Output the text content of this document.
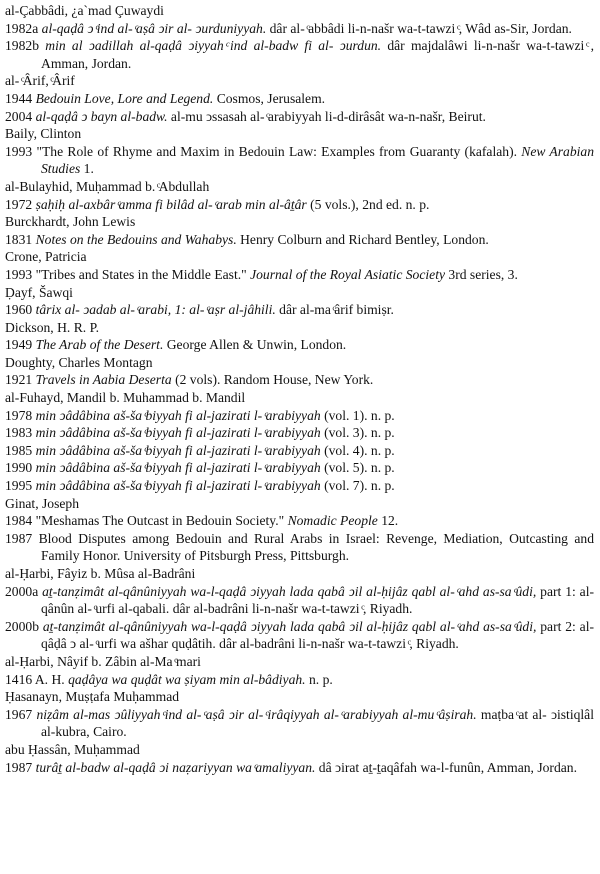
al-Çabbâdi, ¿a`mad Çuwaydi

1982a al-qaḍâ ͻ ͨind al- ͨaṣâ ͻir al- ͻurduniyyah. dâr al- ͨabbâdi li-n-našr wa-t-tawzi ͨ, Wâd as-Sir, Jordan.

1982b min al ͻadillah al-qaḍâ ͻiyyah ͨind al-badw fi al- ͻurdun. dâr majdalâwi li-n-našr wa-t-tawzi ͨ, Amman, Jordan.

al- ͨÂrif, ͨÂrif

1944 Bedouin Love, Lore and Legend. Cosmos, Jerusalem.

2004 al-qaḍâ ͻ bayn al-badw. al-mu ͻssasah al- ͨarabiyyah li-d-dirâsât wa-n-našr, Beirut.

Baily, Clinton

1993 "The Role of Rhyme and Maxim in Bedouin Law: Examples from Guaranty (kafalah). New Arabian Studies 1.

al-Bulayhid, Muḥammad b. ͨAbdullah

1972 ṣaḥiḥ al-axbâr ͨamma fi bilâd al- ͨarab min al-âṯâr (5 vols.), 2nd ed. n. p.

Burckhardt, John Lewis

1831 Notes on the Bedouins and Wahabys. Henry Colburn and Richard Bentley, London.

Crone, Patricia

1993 "Tribes and States in the Middle East." Journal of the Royal Asiatic Society 3rd series, 3.

Ḍayf, Šawqi

1960 târix al- ͻadab al- ͨarabi, 1: al- ͨaṣr al-jâhili. dâr al-ma ͨârif bimiṣr.

Dickson, H. R. P.

1949 The Arab of the Desert. George Allen & Unwin, London.

Doughty, Charles Montagn

1921 Travels in Aabia Deserta (2 vols). Random House, New York.

al-Fuhayd, Mandil b. Muhammad b. Mandil

1978 min ͻâdâbina aš-ša ͨbiyyah fi al-jazirati l- ͨarabiyyah (vol. 1). n. p.

1983 min ͻâdâbina aš-ša ͨbiyyah fi al-jazirati l- ͨarabiyyah (vol. 3). n. p.

1985 min ͻâdâbina aš-ša ͨbiyyah fi al-jazirati l- ͨarabiyyah (vol. 4). n. p.

1990 min ͻâdâbina aš-ša ͨbiyyah fi al-jazirati l- ͨarabiyyah (vol. 5). n. p.

1995 min ͻâdâbina aš-ša ͨbiyyah fi al-jazirati l- ͨarabiyyah (vol. 7). n. p.

Ginat, Joseph

1984 "Meshamas The Outcast in Bedouin Society." Nomadic People 12.

1987 Blood Disputes among Bedouin and Rural Arabs in Israel: Revenge, Mediation, Outcasting and Family Honor. University of Pitsburgh Press, Pittsburgh.

al-Ḥarbi, Fâyiz b. Mûsa al-Badrâni

2000a aṯ-tanẓimât al-qânûniyyah wa-l-qaḍâ ͻiyyah lada qabâ ͻil al-ḥijâz qabl al- ͨahd as-sa ͨûdi, part 1: al-qânûn al- ͨurfi al-qabali. dâr al-badrâni li-n-našr wa-t-tawzi ͨ, Riyadh.

2000b aṯ-tanẓimât al-qânûniyyah wa-l-qaḍâ ͻiyyah lada qabâ ͻil al-ḥijâz qabl al- ͨahd as-sa ͨûdi, part 2: al-qâḍâ ͻ al- ͨurfi wa ašhar quḍâtih. dâr al-badrâni li-n-našr wa-t-tawzi ͨ, Riyadh.

al-Ḥarbi, Nâyif b. Zâbin al-Ma ͨmari

1416 A. H. qaḍâya wa quḍât wa ṣiyam min al-bâdiyah. n. p.

Ḥasanayn, Muṣṭafa Muḥammad

1967 niẓâm al-mas ͻûliyyah ͨind al- ͨaṣâ ͻir al- ͨirâqiyyah al- ͨarabiyyah al-mu ͨâṣirah. maṭba ͨat al- ͻistiqlâl al-kubra, Cairo.

abu Ḥassân, Muḥammad

1987 turâṯ al-badw al-qaḍâ ͻi naẓariyyan wa ͨamaliyyan. dâ ͻirat aṯ-ṯaqâfah wa-l-funûn, Amman, Jordan.
